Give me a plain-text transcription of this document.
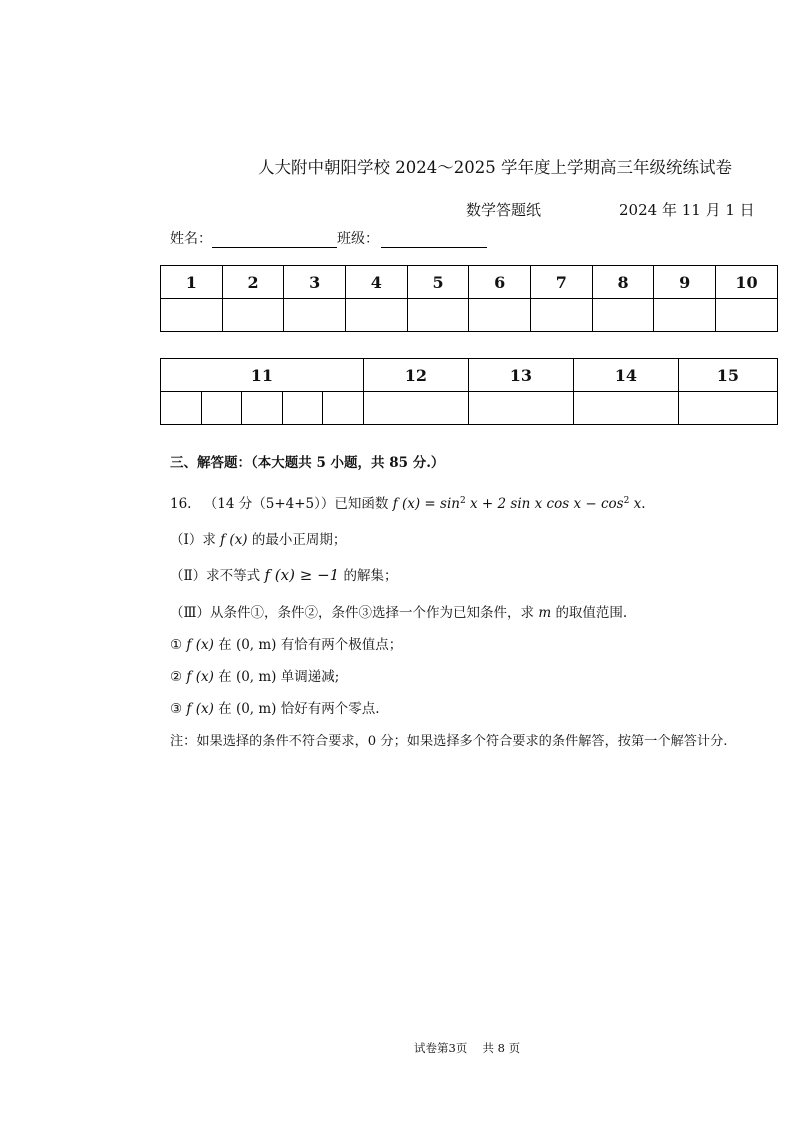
人大附中朝阳学校 2024～2025 学年度上学期高三年级统练试卷
数学答题纸	2024 年 11 月 1 日
姓名：	班级：
1	2	3	4	5	6	7	8	9	10

11					12	13	14	15

三、解答题：（本大题共 5 小题，共 85 分.）
16. （14 分（5+4+5））已知函数 f $(x) = \sin^2 x + 2$ sin x $\cos x - \cos^2 x$.
（Ⅰ）求 f (x) 的最小正周期；
（Ⅱ）求不等式 f (x) ≥ −1 的解集；
（Ⅲ）从条件①，条件②，条件③选择一个作为已知条件，求 m 的取值范围.
① f (x) 在 (0, m) 有恰有两个极值点；
② f (x) 在 (0, m) 单调递减;
③ f (x) 在 (0, m) 恰好有两个零点.
注：如果选择的条件不符合要求，0 分；如果选择多个符合要求的条件解答，按第一个解答计分.
试卷第3页　 共 8 页
